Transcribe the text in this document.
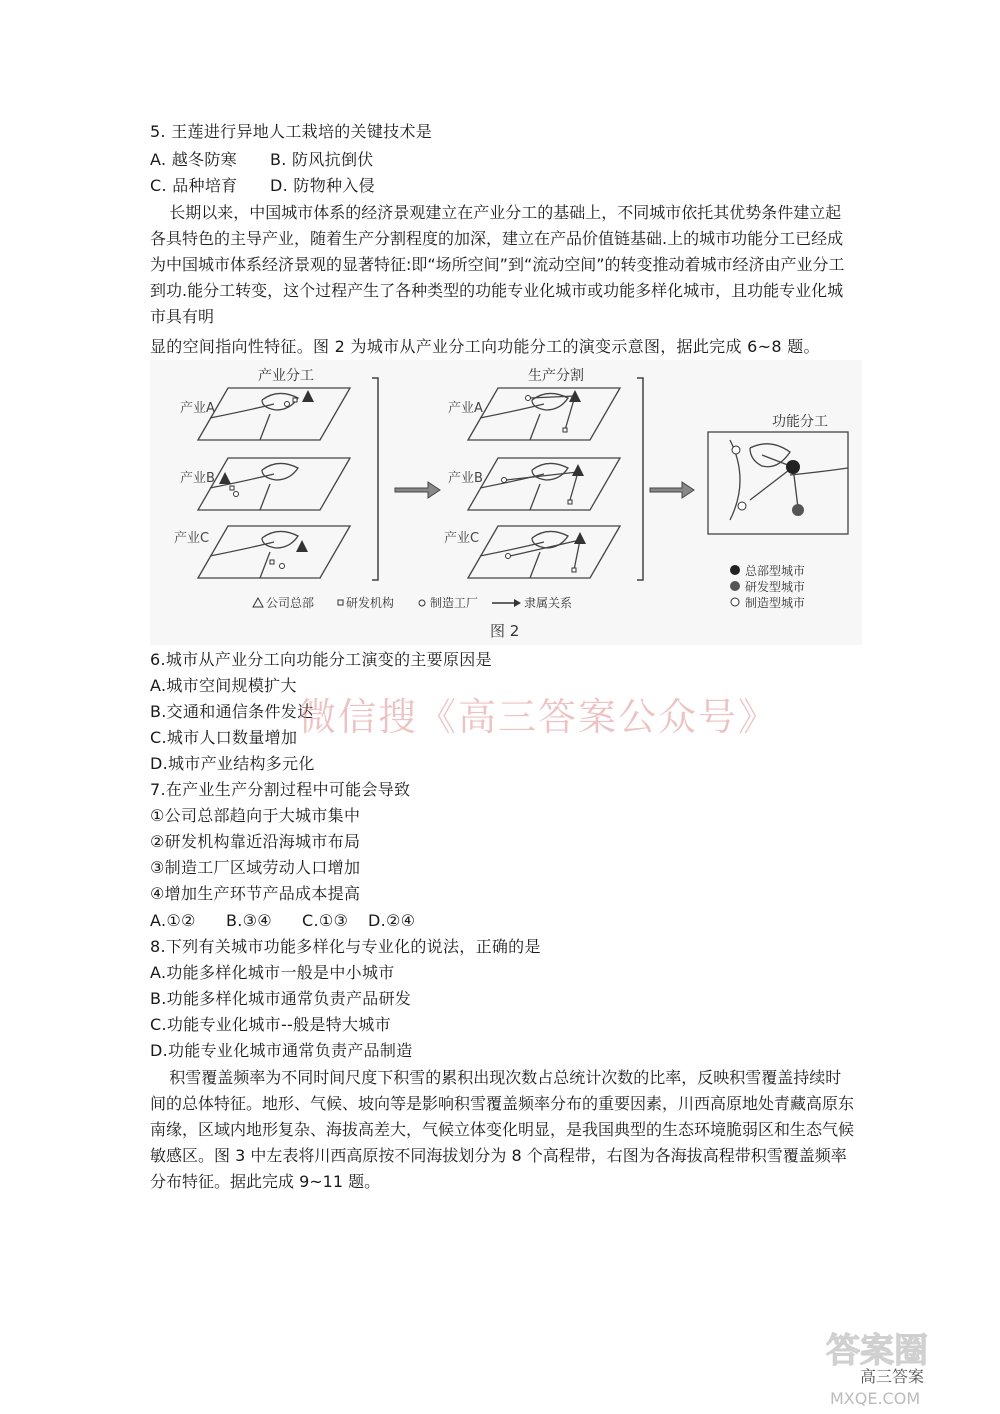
5. 王莲进行异地人工栽培的关键技术是
A. 越冬防寒 B. 防风抗倒伏
C. 品种培育 D. 防物种入侵

长期以来，中国城市体系的经济景观建立在产业分工的基础上，不同城市依托其优势条件建立起各具特色的主导产业，随着生产分割程度的加深，建立在产品价值链基础.上的城市功能分工已经成为中国城市体系经济景观的显著特征:即“场所空间”到“流动空间”的转变推动着城市经济由产业分工到功.能分工转变，这个过程产生了各种类型的功能专业化城市或功能多样化城市，且功能专业化城市具有明

显的空间指向性特征。图 2 为城市从产业分工向功能分工的演变示意图，据此完成 6~8 题。
产业分工	生产分割
功能分工
产业A
产业B
产业C
产业A
产业B
产业C
总部型城市
研发型城市
制造型城市
公司总部	研发机构	制造工厂	隶属关系
图 2
6.城市从产业分工向功能分工演变的主要原因是
A.城市空间规模扩大
B.交通和通信条件发达
C.城市人口数量增加
D.城市产业结构多元化
微信搜《高三答案公众号》
7.在产业生产分割过程中可能会导致
①公司总部趋向于大城市集中
②研发机构靠近沿海城市布局
③制造工厂区域劳动人口增加
④增加生产环节产品成本提高
A.①② B.③④ C.①③ D.②④
8.下列有关城市功能多样化与专业化的说法，正确的是
A.功能多样化城市一般是中小城市
B.功能多样化城市通常负责产品研发
C.功能专业化城市--般是特大城市
D.功能专业化城市通常负责产品制造

积雪覆盖频率为不同时间尺度下积雪的累积出现次数占总统计次数的比率，反映积雪覆盖持续时间的总体特征。地形、气候、坡向等是影响积雪覆盖频率分布的重要因素，川西高原地处青藏高原东南缘，区域内地形复杂、海拔高差大，气候立体变化明显，是我国典型的生态环境脆弱区和生态气候敏感区。图 3 中左表将川西高原按不同海拔划分为 8 个高程带，右图为各海拔高程带积雪覆盖频率分布特征。据此完成 9~11 题。

答案圈
高三答案
MXQE.COM
